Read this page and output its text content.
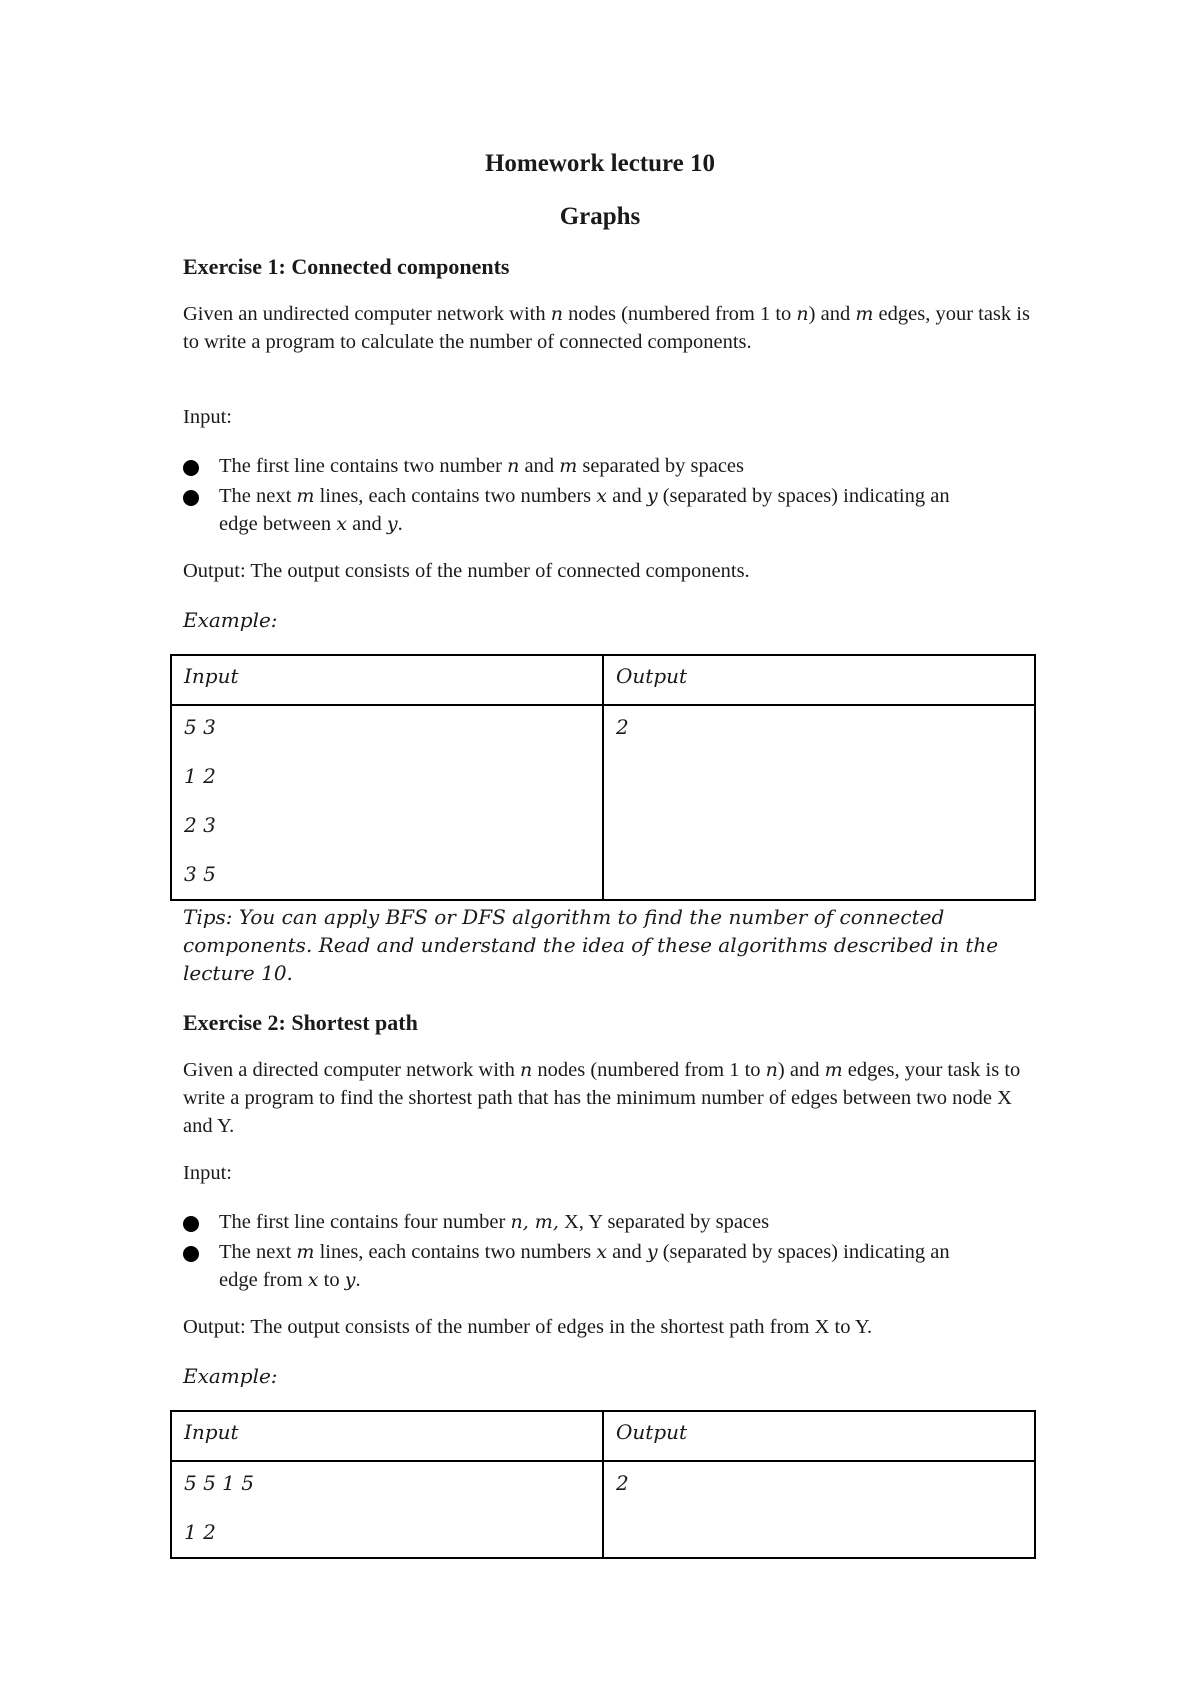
Homework lecture 10
Graphs
Exercise 1: Connected components

Given an undirected computer network with n nodes (numbered from 1 to n) and m edges, your task is to write a program to calculate the number of connected components.

Input:
The first line contains two number n and m separated by spaces
The next m lines, each contains two numbers x and y (separated by spaces) indicating an edge between x and y.
Output: The output consists of the number of connected components.
Example:
Input	Output

5 3
1 2
2 3
3 5	2

Tips: You can apply BFS or DFS algorithm to find the number of connected components. Read and understand the idea of these algorithms described in the lecture 10.

Exercise 2: Shortest path

Given a directed computer network with n nodes (numbered from 1 to n) and m edges, your task is to write a program to find the shortest path that has the minimum number of edges between two node X and Y.

Input:
The first line contains four number n, m, X, Y separated by spaces
The next m lines, each contains two numbers x and y (separated by spaces) indicating an edge from x to y.
Output: The output consists of the number of edges in the shortest path from X to Y.
Example:
Input	Output

5 5 1 5
1 2	2
